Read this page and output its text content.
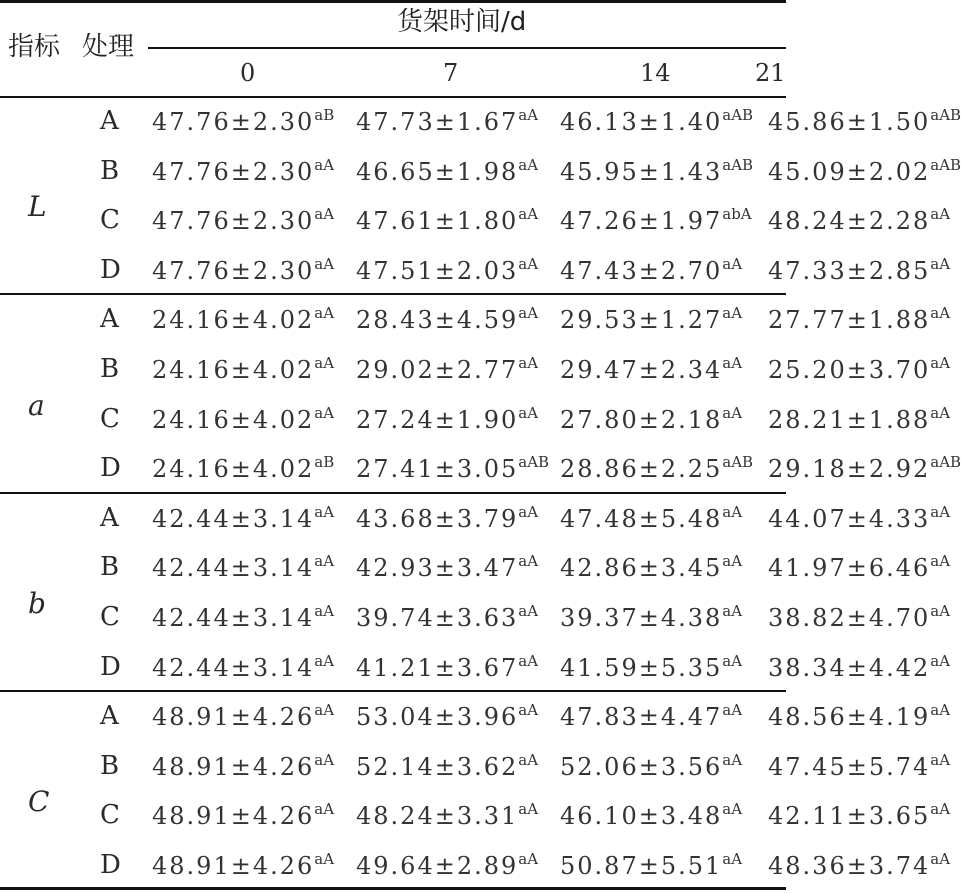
指标 处理
货架时间/d
0	7	14	21
L
A $47.76\pm 2.30^{aB}$ $47.73\pm 1.67^{aA}$ $46.13\pm 1.40^{aAB}$ $45.86\pm 1.50^{aAB}$
B $47.76\pm 2.30^{aA}$ $46.65\pm 1.98^{aA}$ $45.95\pm 1.43^{aAB}$ $45.09\pm 2.02^{aAB}$
C $47.76\pm 2.30^{aA}$ $47.61\pm 1.80^{aA}$ $47.26\pm 1.97^{abA}$ $48.24\pm 2.28^{aA}$
D $47.76\pm 2.30^{aA}$ $47.51\pm 2.03^{aA}$ $47.43\pm 2.70^{aA}$ $47.33\pm 2.85^{aA}$
a
A $24.16\pm 4.02^{aA}$ $28.43\pm 4.59^{aA}$ $29.53\pm 1.27^{aA}$ $27.77\pm 1.88^{aA}$
B $24.16\pm 4.02^{aA}$ $29.02\pm 2.77^{aA}$ $29.47\pm 2.34^{aA}$ $25.20\pm 3.70^{aA}$
C $24.16\pm 4.02^{aA}$ $27.24\pm 1.90^{aA}$ $27.80\pm 2.18^{aA}$ $28.21\pm 1.88^{aA}$
D $24.16\pm 4.02^{aB}$ $27.41\pm 3.05^{aAB}$ $28.86\pm 2.25^{aAB}$ $29.18\pm 2.92^{aAB}$
b
A $42.44\pm 3.14^{aA}$ $43.68\pm 3.79^{aA}$ $47.48\pm 5.48^{aA}$ $44.07\pm 4.33^{aA}$
B $42.44\pm 3.14^{aA}$ $42.93\pm 3.47^{aA}$ $42.86\pm 3.45^{aA}$ $41.97\pm 6.46^{aA}$
C $42.44\pm 3.14^{aA}$ $39.74\pm 3.63^{aA}$ $39.37\pm 4.38^{aA}$ $38.82\pm 4.70^{aA}$
D $42.44\pm 3.14^{aA}$ $41.21\pm 3.67^{aA}$ $41.59\pm 5.35^{aA}$ $38.34\pm 4.42^{aA}$
C
A $48.91\pm 4.26^{aA}$ $53.04\pm 3.96^{aA}$ $47.83\pm 4.47^{aA}$ $48.56\pm 4.19^{aA}$
B $48.91\pm 4.26^{aA}$ $52.14\pm 3.62^{aA}$ $52.06\pm 3.56^{aA}$ $47.45\pm 5.74^{aA}$
C $48.91\pm 4.26^{aA}$ $48.24\pm 3.31^{aA}$ $46.10\pm 3.48^{aA}$ $42.11\pm 3.65^{aA}$
D $48.91\pm 4.26^{aA}$ $49.64\pm 2.89^{aA}$ $50.87\pm 5.51^{aA}$ $48.36\pm 3.74^{aA}$
